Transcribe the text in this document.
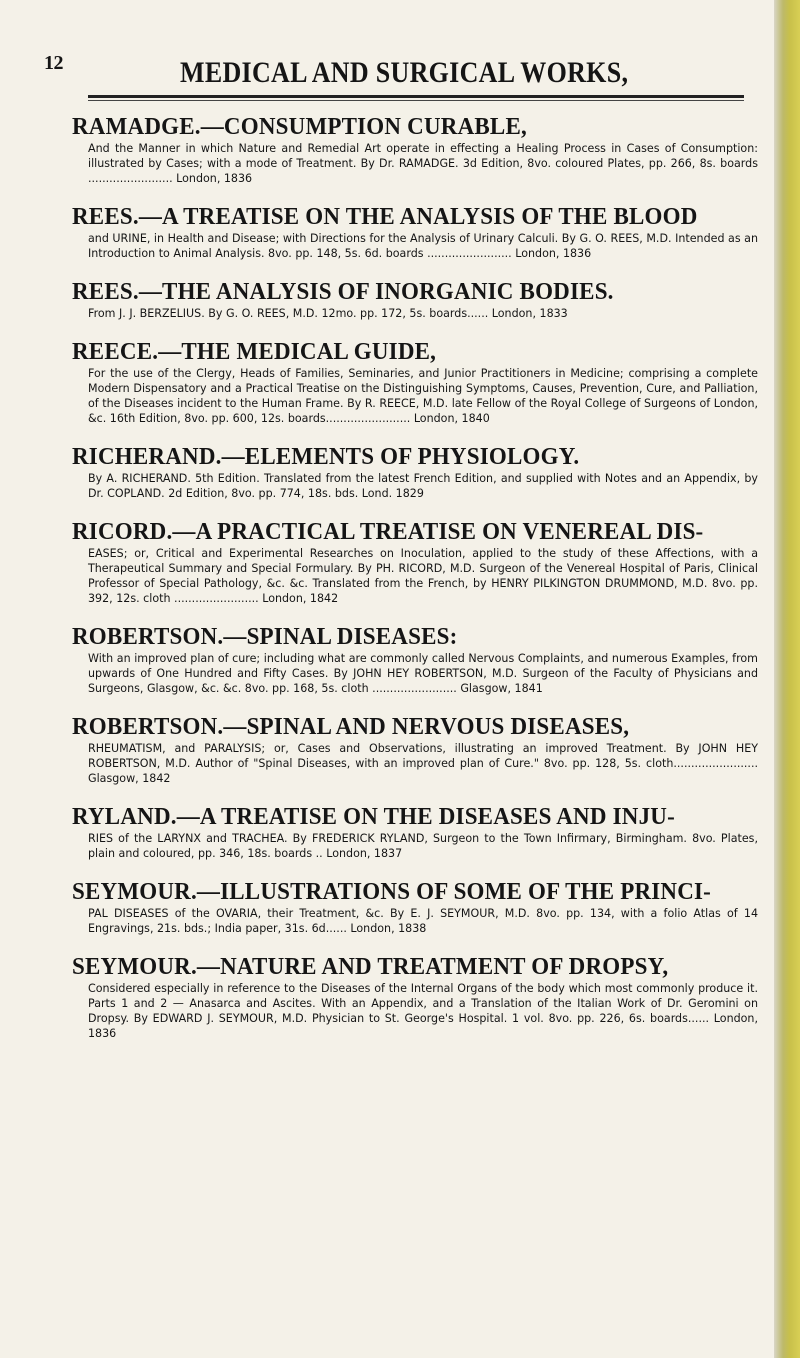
12	MEDICAL AND SURGICAL WORKS,
RAMADGE.—CONSUMPTION CURABLE,
And the Manner in which Nature and Remedial Art operate in effecting a Healing Process in Cases of Consumption: illustrated by Cases; with a mode of Treatment. By Dr. RAMADGE. 3d Edition, 8vo. coloured Plates, pp. 266, 8s. boards ........................ London, 1836
REES.—A TREATISE ON THE ANALYSIS OF THE BLOOD
and URINE, in Health and Disease; with Directions for the Analysis of Urinary Calculi. By G. O. REES, M.D. Intended as an Introduction to Animal Analysis. 8vo. pp. 148, 5s. 6d. boards ........................ London, 1836
REES.—THE ANALYSIS OF INORGANIC BODIES.
From J. J. BERZELIUS. By G. O. REES, M.D. 12mo. pp. 172, 5s. boards...... London, 1833
REECE.—THE MEDICAL GUIDE,
For the use of the Clergy, Heads of Families, Seminaries, and Junior Practitioners in Medicine; comprising a complete Modern Dispensatory and a Practical Treatise on the Distinguishing Symptoms, Causes, Prevention, Cure, and Palliation, of the Diseases incident to the Human Frame. By R. REECE, M.D. late Fellow of the Royal College of Surgeons of London, &c. 16th Edition, 8vo. pp. 600, 12s. boards........................ London, 1840
RICHERAND.—ELEMENTS OF PHYSIOLOGY.
By A. RICHERAND. 5th Edition. Translated from the latest French Edition, and supplied with Notes and an Appendix, by Dr. COPLAND. 2d Edition, 8vo. pp. 774, 18s. bds. Lond. 1829
RICORD.—A PRACTICAL TREATISE ON VENEREAL DIS-
EASES; or, Critical and Experimental Researches on Inoculation, applied to the study of these Affections, with a Therapeutical Summary and Special Formulary. By PH. RICORD, M.D. Surgeon of the Venereal Hospital of Paris, Clinical Professor of Special Pathology, &c. &c. Translated from the French, by HENRY PILKINGTON DRUMMOND, M.D. 8vo. pp. 392, 12s. cloth ........................ London, 1842
ROBERTSON.—SPINAL DISEASES:
With an improved plan of cure; including what are commonly called Nervous Complaints, and numerous Examples, from upwards of One Hundred and Fifty Cases. By JOHN HEY ROBERTSON, M.D. Surgeon of the Faculty of Physicians and Surgeons, Glasgow, &c. &c. 8vo. pp. 168, 5s. cloth ........................ Glasgow, 1841
ROBERTSON.—SPINAL AND NERVOUS DISEASES,
RHEUMATISM, and PARALYSIS; or, Cases and Observations, illustrating an improved Treatment. By JOHN HEY ROBERTSON, M.D. Author of "Spinal Diseases, with an improved plan of Cure." 8vo. pp. 128, 5s. cloth........................ Glasgow, 1842
RYLAND.—A TREATISE ON THE DISEASES AND INJU-
RIES of the LARYNX and TRACHEA. By FREDERICK RYLAND, Surgeon to the Town Infirmary, Birmingham. 8vo. Plates, plain and coloured, pp. 346, 18s. boards .. London, 1837
SEYMOUR.—ILLUSTRATIONS OF SOME OF THE PRINCI-
PAL DISEASES of the OVARIA, their Treatment, &c. By E. J. SEYMOUR, M.D. 8vo. pp. 134, with a folio Atlas of 14 Engravings, 21s. bds.; India paper, 31s. 6d...... London, 1838
SEYMOUR.—NATURE AND TREATMENT OF DROPSY,
Considered especially in reference to the Diseases of the Internal Organs of the body which most commonly produce it. Parts 1 and 2 — Anasarca and Ascites. With an Appendix, and a Translation of the Italian Work of Dr. Geromini on Dropsy. By EDWARD J. SEYMOUR, M.D. Physician to St. George's Hospital. 1 vol. 8vo. pp. 226, 6s. boards...... London, 1836
